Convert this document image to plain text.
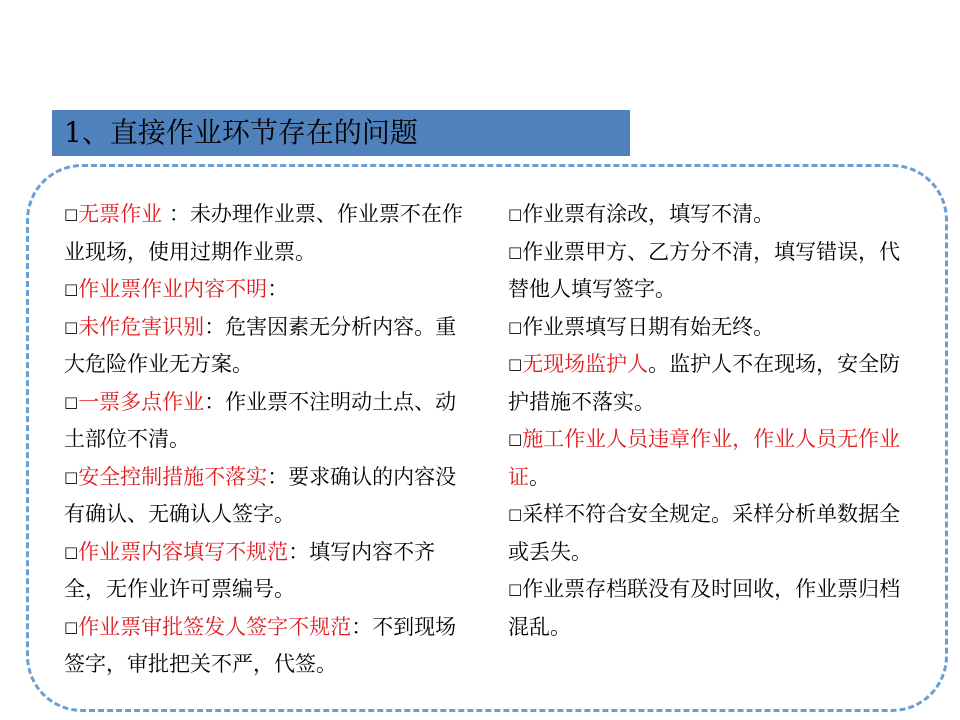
1、直接作业环节存在的问题

□无票作业 ：未办理作业票、作业票不在作业现场，使用过期作业票。

□作业票作业内容不明：

□未作危害识别：危害因素无分析内容。重大危险作业无方案。

□一票多点作业：作业票不注明动土点、动土部位不清。

□安全控制措施不落实：要求确认的内容没有确认、无确认人签字。

□作业票内容填写不规范：填写内容不齐全，无作业许可票编号。

□作业票审批签发人签字不规范：不到现场签字，审批把关不严，代签。

□作业票有涂改，填写不清。

□作业票甲方、乙方分不清，填写错误，代替他人填写签字。

□作业票填写日期有始无终。

□无现场监护人。监护人不在现场，安全防护措施不落实。

□施工作业人员违章作业，作业人员无作业证。

□采样不符合安全规定。采样分析单数据全或丢失。

□作业票存档联没有及时回收，作业票归档混乱。
